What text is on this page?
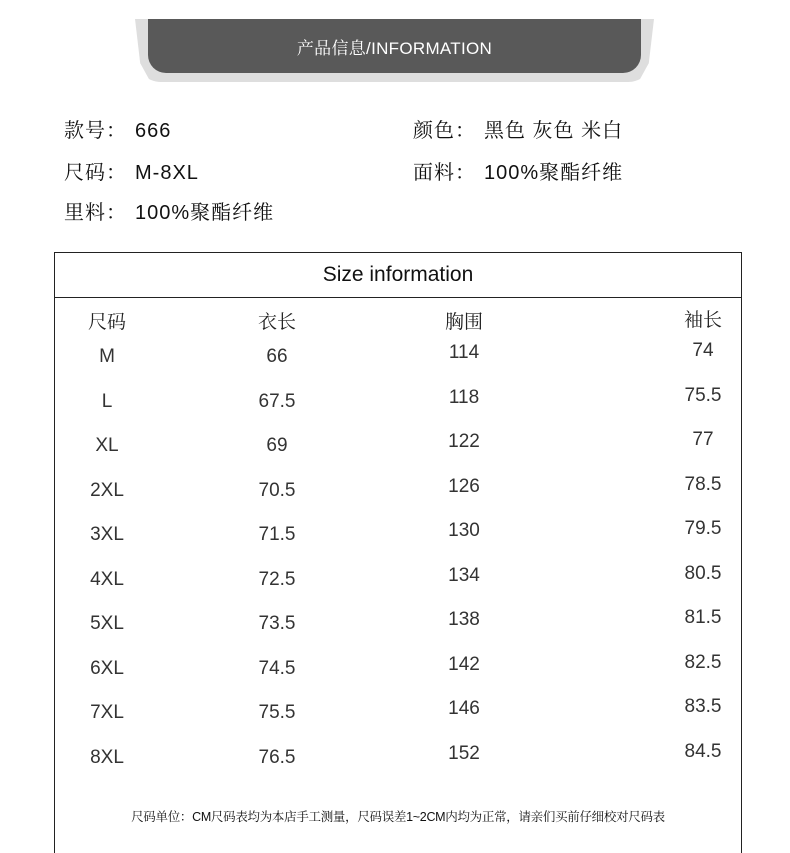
产品信息/INFORMATION
款号： 666	颜色： 黑色 灰色 米白
尺码： M-8XL	面料： 100%聚酯纤维
里料： 100%聚酯纤维
Size information
尺码	衣长	胸围	袖长
M	66	114	74
L	67.5	118	75.5
XL	69	122	77
2XL	70.5	126	78.5
3XL	71.5	130	79.5
4XL	72.5	134	80.5
5XL	73.5	138	81.5
6XL	74.5	142	82.5
7XL	75.5	146	83.5
8XL	76.5	152	84.5
尺码单位：CM尺码表均为本店手工测量，尺码误差1~2CM内均为正常，请亲们买前仔细校对尺码表
